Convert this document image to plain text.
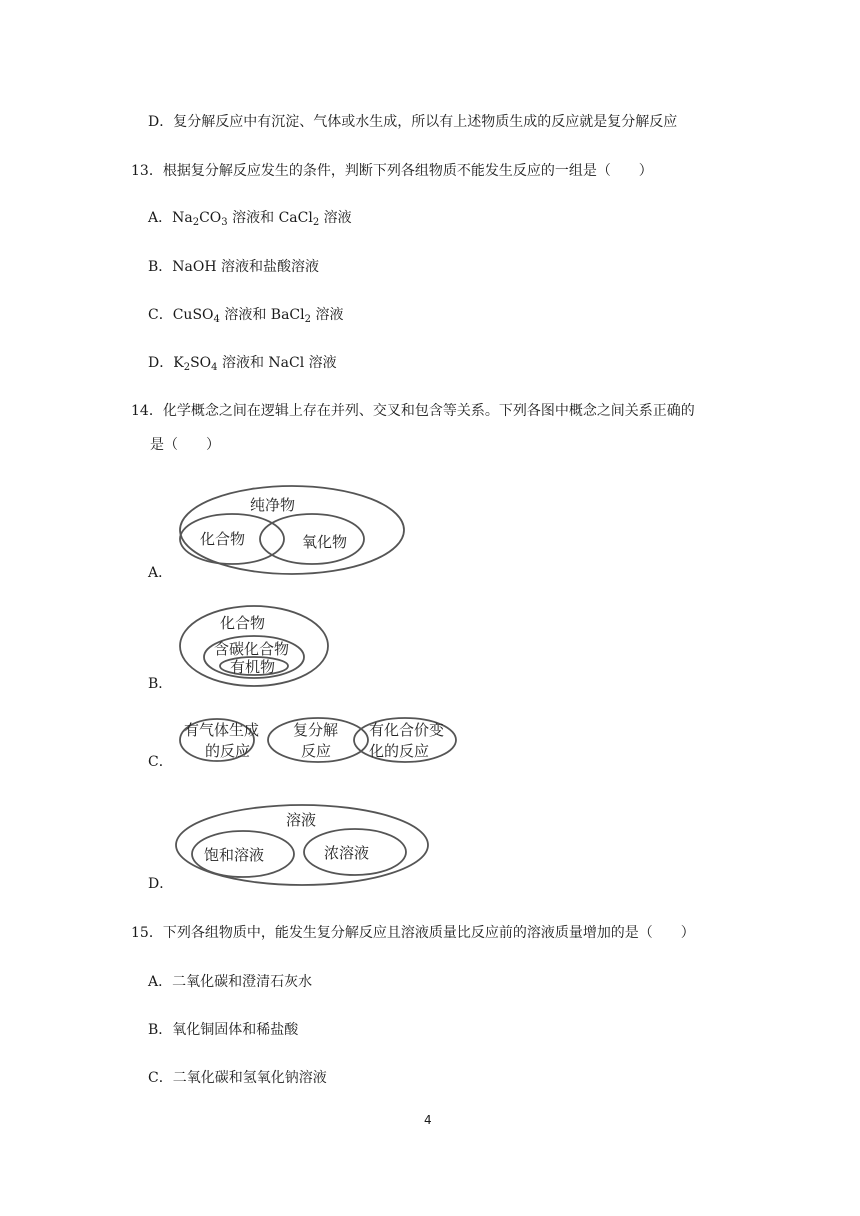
D．复分解反应中有沉淀、气体或水生成，所以有上述物质生成的反应就是复分解反应
13．根据复分解反应发生的条件，判断下列各组物质不能发生反应的一组是（　　）
A．$Na_2CO_3$ 溶液和 CaCl$_2$ 溶液
B．NaOH 溶液和盐酸溶液
C．CuSO$_4$ 溶液和 BaCl$_2$ 溶液
D．$K_2SO_4$ 溶液和 NaCl 溶液
14．化学概念之间在逻辑上存在并列、交叉和包含等关系。下列各图中概念之间关系正确的
是（　　）
纯净物
化合物	氧化物
化合物
含碳化合物
有机物
有气体生成
的反应
复分解
反应
有化合价变
化的反应
溶液
饱和溶液	浓溶液
A．
B．
C．
D．
15．下列各组物质中，能发生复分解反应且溶液质量比反应前的溶液质量增加的是（　　）
A．二氧化碳和澄清石灰水
B．氧化铜固体和稀盐酸
C．二氧化碳和氢氧化钠溶液
4
